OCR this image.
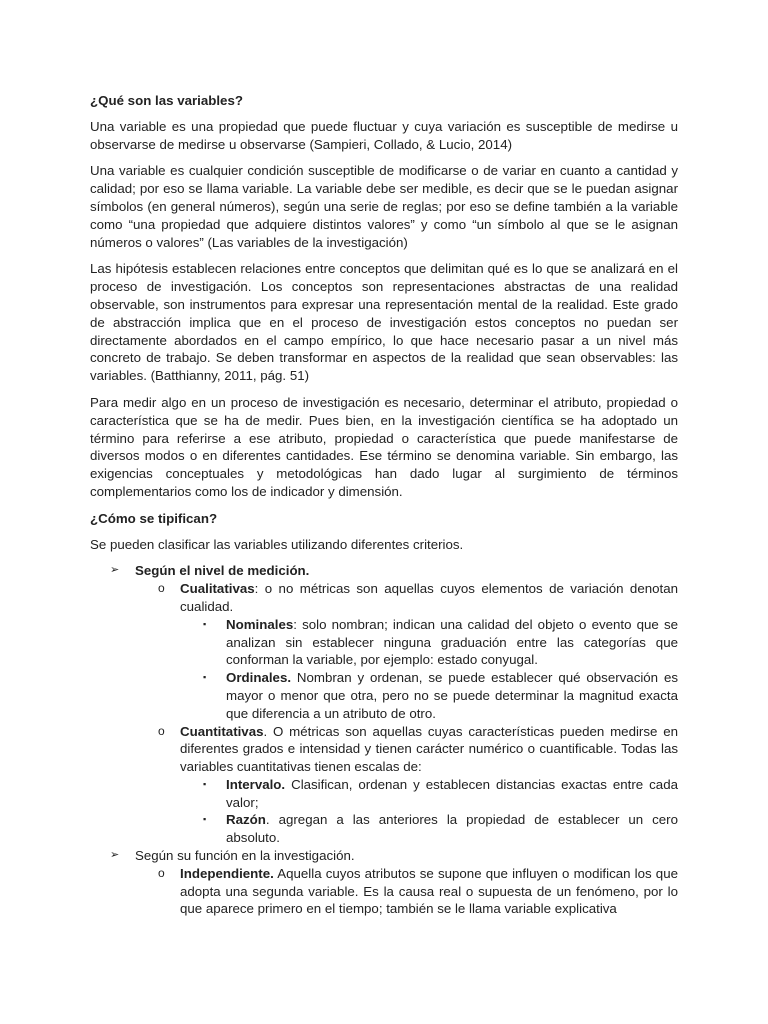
¿Qué son las variables?

Una variable es una propiedad que puede fluctuar y cuya variación es susceptible de medirse u observarse de medirse u observarse (Sampieri, Collado, & Lucio, 2014)

Una variable es cualquier condición susceptible de modificarse o de variar en cuanto a cantidad y calidad; por eso se llama variable. La variable debe ser medible, es decir que se le puedan asignar símbolos (en general números), según una serie de reglas; por eso se define también a la variable como “una propiedad que adquiere distintos valores” y como “un símbolo al que se le asignan números o valores” (Las variables de la investigación)

Las hipótesis establecen relaciones entre conceptos que delimitan qué es lo que se analizará en el proceso de investigación. Los conceptos son representaciones abstractas de una realidad observable, son instrumentos para expresar una representación mental de la realidad. Este grado de abstracción implica que en el proceso de investigación estos conceptos no puedan ser directamente abordados en el campo empírico, lo que hace necesario pasar a un nivel más concreto de trabajo. Se deben transformar en aspectos de la realidad que sean observables: las variables. (Batthianny, 2011, pág. 51)

Para medir algo en un proceso de investigación es necesario, determinar el atributo, propiedad o característica que se ha de medir. Pues bien, en la investigación científica se ha adoptado un término para referirse a ese atributo, propiedad o característica que puede manifestarse de diversos modos o en diferentes cantidades. Ese término se denomina variable. Sin embargo, las exigencias conceptuales y metodológicas han dado lugar al surgimiento de términos complementarios como los de indicador y dimensión.

¿Cómo se tipifican?

Se pueden clasificar las variables utilizando diferentes criterios.

➢ Según el nivel de medición.
o Cualitativas: o no métricas son aquellas cuyos elementos de variación denotan cualidad.
▪ Nominales: solo nombran; indican una calidad del objeto o evento que se analizan sin establecer ninguna graduación entre las categorías que conforman la variable, por ejemplo: estado conyugal.
▪ Ordinales. Nombran y ordenan, se puede establecer qué observación es mayor o menor que otra, pero no se puede determinar la magnitud exacta que diferencia a un atributo de otro.
o Cuantitativas. O métricas son aquellas cuyas características pueden medirse en diferentes grados e intensidad y tienen carácter numérico o cuantificable. Todas las variables cuantitativas tienen escalas de:
▪ Intervalo. Clasifican, ordenan y establecen distancias exactas entre cada valor;
▪ Razón. agregan a las anteriores la propiedad de establecer un cero absoluto.
➢ Según su función en la investigación.
o Independiente. Aquella cuyos atributos se supone que influyen o modifican los que adopta una segunda variable. Es la causa real o supuesta de un fenómeno, por lo que aparece primero en el tiempo; también se le llama variable explicativa
